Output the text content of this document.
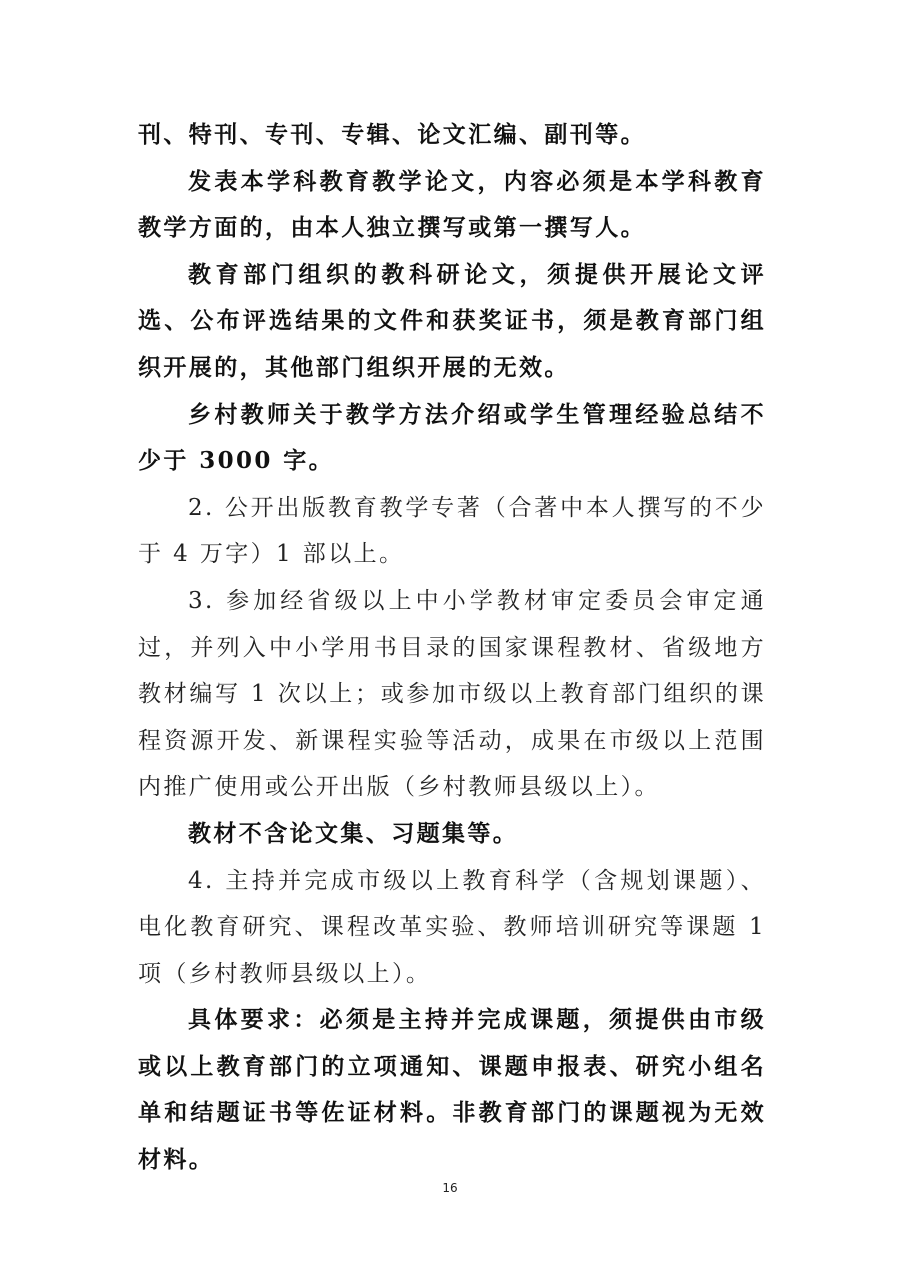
刊、特刊、专刊、专辑、论文汇编、副刊等。

发表本学科教育教学论文，内容必须是本学科教育教学方面的，由本人独立撰写或第一撰写人。

教育部门组织的教科研论文，须提供开展论文评选、公布评选结果的文件和获奖证书，须是教育部门组织开展的，其他部门组织开展的无效。

乡村教师关于教学方法介绍或学生管理经验总结不少于 3000 字。

2. 公开出版教育教学专著（合著中本人撰写的不少于 4 万字）1 部以上。

3. 参加经省级以上中小学教材审定委员会审定通过，并列入中小学用书目录的国家课程教材、省级地方教材编写 1 次以上；或参加市级以上教育部门组织的课程资源开发、新课程实验等活动，成果在市级以上范围内推广使用或公开出版（乡村教师县级以上）。

教材不含论文集、习题集等。

4. 主持并完成市级以上教育科学（含规划课题）、电化教育研究、课程改革实验、教师培训研究等课题 1 项（乡村教师县级以上）。

具体要求：必须是主持并完成课题，须提供由市级或以上教育部门的立项通知、课题申报表、研究小组名单和结题证书等佐证材料。非教育部门的课题视为无效材料。

16
